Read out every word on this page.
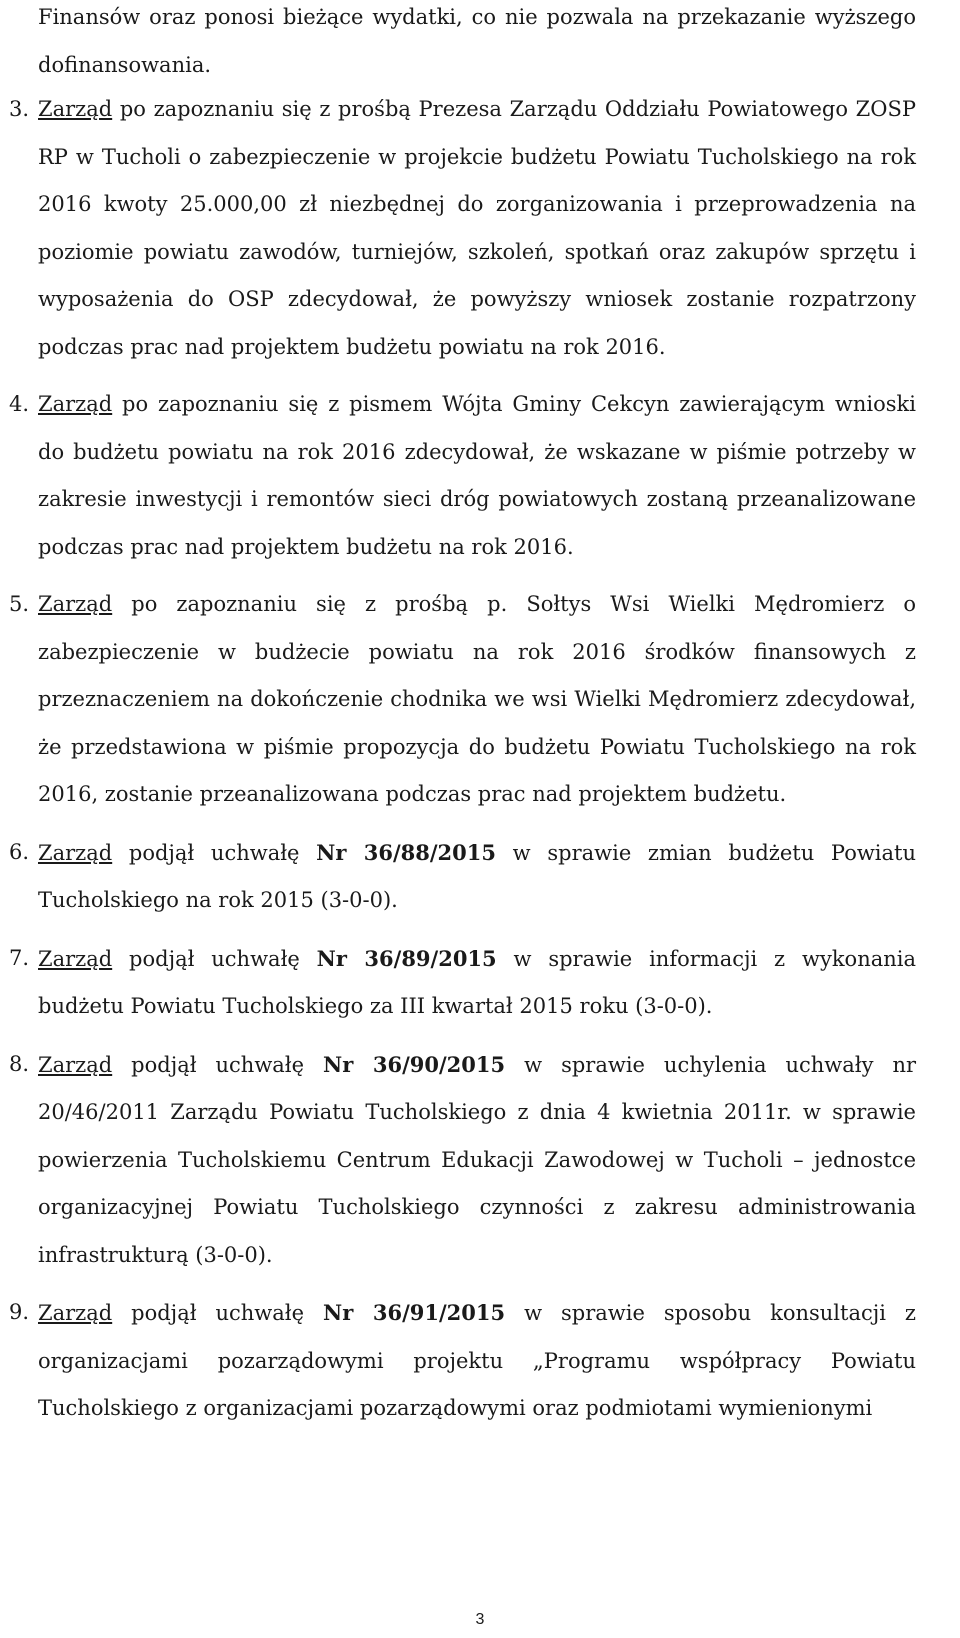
Finansów oraz ponosi bieżące wydatki, co nie pozwala na przekazanie wyższego dofinansowania.
3. Zarząd po zapoznaniu się z prośbą Prezesa Zarządu Oddziału Powiatowego ZOSP RP w Tucholi o zabezpieczenie w projekcie budżetu Powiatu Tucholskiego na rok 2016 kwoty 25.000,00 zł niezbędnej do zorganizowania i przeprowadzenia na poziomie powiatu zawodów, turniejów, szkoleń, spotkań oraz zakupów sprzętu i wyposażenia do OSP zdecydował, że powyższy wniosek zostanie rozpatrzony podczas prac nad projektem budżetu powiatu na rok 2016.
4. Zarząd po zapoznaniu się z pismem Wójta Gminy Cekcyn zawierającym wnioski do budżetu powiatu na rok 2016 zdecydował, że wskazane w piśmie potrzeby w zakresie inwestycji i remontów sieci dróg powiatowych zostaną przeanalizowane podczas prac nad projektem budżetu na rok 2016.
5. Zarząd po zapoznaniu się z prośbą p. Sołtys Wsi Wielki Mędromierz o zabezpieczenie w budżecie powiatu na rok 2016 środków finansowych z przeznaczeniem na dokończenie chodnika we wsi Wielki Mędromierz zdecydował, że przedstawiona w piśmie propozycja do budżetu Powiatu Tucholskiego na rok 2016, zostanie przeanalizowana podczas prac nad projektem budżetu.
6. Zarząd podjął uchwałę Nr 36/88/2015 w sprawie zmian budżetu Powiatu Tucholskiego na rok 2015 (3-0-0).
7. Zarząd podjął uchwałę Nr 36/89/2015 w sprawie informacji z wykonania budżetu Powiatu Tucholskiego za III kwartał 2015 roku (3-0-0).
8. Zarząd podjął uchwałę Nr 36/90/2015 w sprawie uchylenia uchwały nr 20/46/2011 Zarządu Powiatu Tucholskiego z dnia 4 kwietnia 2011r. w sprawie powierzenia Tucholskiemu Centrum Edukacji Zawodowej w Tucholi – jednostce organizacyjnej Powiatu Tucholskiego czynności z zakresu administrowania infrastrukturą (3-0-0).
9. Zarząd podjął uchwałę Nr 36/91/2015 w sprawie sposobu konsultacji z organizacjami pozarządowymi projektu „Programu współpracy Powiatu Tucholskiego z organizacjami pozarządowymi oraz podmiotami wymienionymi
3
